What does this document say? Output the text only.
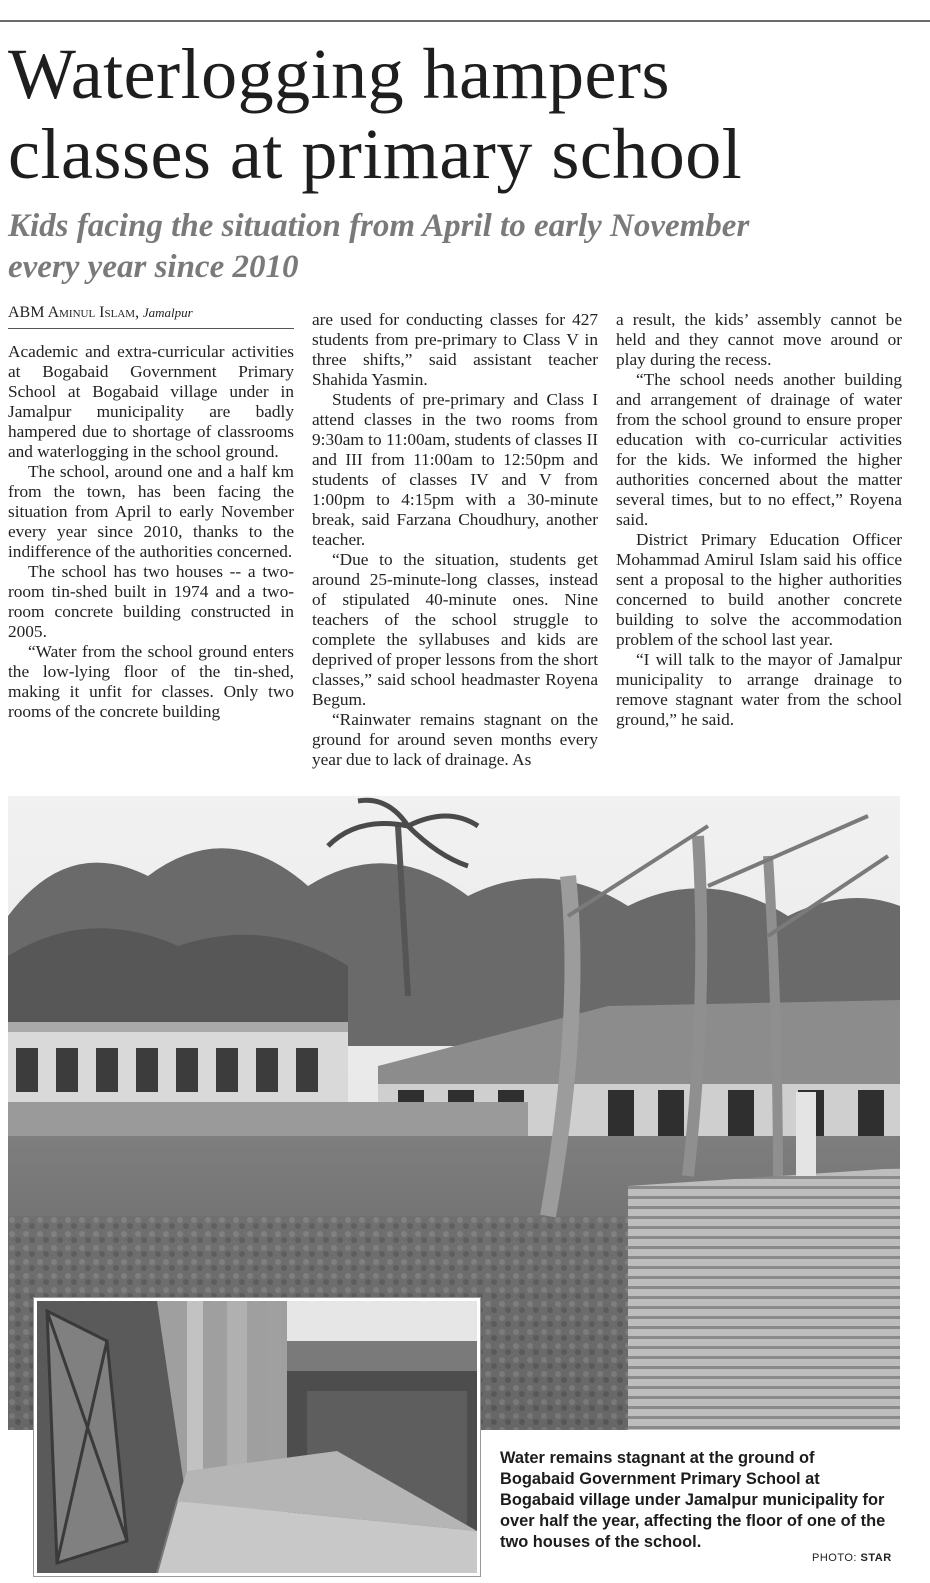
Waterlogging hampers
classes at primary school
Kids facing the situation from April to early November
every year since 2010
ABM Aminul Islam, Jamalpur

Academic and extra-curricular activities at Bogabaid Government Primary School at Bogabaid village under in Jamalpur municipality are badly hampered due to shortage of classrooms and waterlogging in the school ground.

The school, around one and a half km from the town, has been facing the situation from April to early November every year since 2010, thanks to the indifference of the authorities concerned.

The school has two houses -- a two-room tin-shed built in 1974 and a two-room concrete building constructed in 2005.

“Water from the school ground enters the low-lying floor of the tin-shed, making it unfit for classes. Only two rooms of the concrete building

are used for conducting classes for 427 students from pre-primary to Class V in three shifts,” said assistant teacher Shahida Yasmin.

Students of pre-primary and Class I attend classes in the two rooms from 9:30am to 11:00am, students of classes II and III from 11:00am to 12:50pm and students of classes IV and V from 1:00pm to 4:15pm with a 30-minute break, said Farzana Choudhury, another teacher.

“Due to the situation, students get around 25-minute-long classes, instead of stipulated 40-minute ones. Nine teachers of the school struggle to complete the syllabuses and kids are deprived of proper lessons from the short classes,” said school headmaster Royena Begum.

“Rainwater remains stagnant on the ground for around seven months every year due to lack of drainage. As

a result, the kids’ assembly cannot be held and they cannot move around or play during the recess.

“The school needs another building and arrangement of drainage of water from the school ground to ensure proper education with co-curricular activities for the kids. We informed the higher authorities concerned about the matter several times, but to no effect,” Royena said.

District Primary Education Officer Mohammad Amirul Islam said his office sent a proposal to the higher authorities concerned to build another concrete building to solve the accommodation problem of the school last year.

“I will talk to the mayor of Jamalpur municipality to arrange drainage to remove stagnant water from the school ground,” he said.

Water remains stagnant at the ground of
Bogabaid Government Primary School at
Bogabaid village under Jamalpur municipality for
over half the year, affecting the floor of one of the
two houses of the school.
PHOTO: STAR
